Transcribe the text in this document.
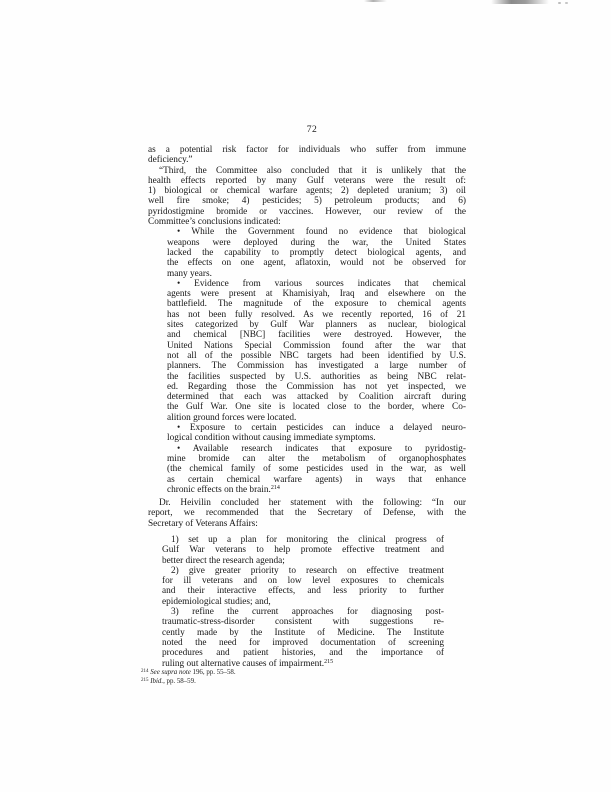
72
as a potential risk factor for individuals who suffer from immune
deficiency.”
“Third, the Committee also concluded that it is unlikely that the
health effects reported by many Gulf veterans were the result of:
1) biological or chemical warfare agents; 2) depleted uranium; 3) oil
well fire smoke; 4) pesticides; 5) petroleum products; and 6)
pyridostigmine bromide or vaccines. However, our review of the
Committee’s conclusions indicated:
• While the Government found no evidence that biological
weapons were deployed during the war, the United States
lacked the capability to promptly detect biological agents, and
the effects on one agent, aflatoxin, would not be observed for
many years.
• Evidence from various sources indicates that chemical
agents were present at Khamisiyah, Iraq and elsewhere on the
battlefield. The magnitude of the exposure to chemical agents
has not been fully resolved. As we recently reported, 16 of 21
sites categorized by Gulf War planners as nuclear, biological
and chemical [NBC] facilities were destroyed. However, the
United Nations Special Commission found after the war that
not all of the possible NBC targets had been identified by U.S.
planners. The Commission has investigated a large number of
the facilities suspected by U.S. authorities as being NBC relat-
ed. Regarding those the Commission has not yet inspected, we
determined that each was attacked by Coalition aircraft during
the Gulf War. One site is located close to the border, where Co-
alition ground forces were located.
• Exposure to certain pesticides can induce a delayed neuro-
logical condition without causing immediate symptoms.
• Available research indicates that exposure to pyridostig-
mine bromide can alter the metabolism of organophosphates
(the chemical family of some pesticides used in the war, as well
as certain chemical warfare agents) in ways that enhance
chronic effects on the brain.$^{214}$
Dr. Heivilin concluded her statement with the following: “In our
report, we recommended that the Secretary of Defense, with the
Secretary of Veterans Affairs:
1) set up a plan for monitoring the clinical progress of
Gulf War veterans to help promote effective treatment and
better direct the research agenda;
2) give greater priority to research on effective treatment
for ill veterans and on low level exposures to chemicals
and their interactive effects, and less priority to further
epidemiological studies; and,
3) refine the current approaches for diagnosing post-
traumatic-stress-disorder consistent with suggestions re-
cently made by the Institute of Medicine. The Institute
noted the need for improved documentation of screening
procedures and patient histories, and the importance of
ruling out alternative causes of impairment.$^{215}$
$^{214}$ See supra note 196, pp. 55–58.
$^{215}$ Ibid., pp. 58–59.
